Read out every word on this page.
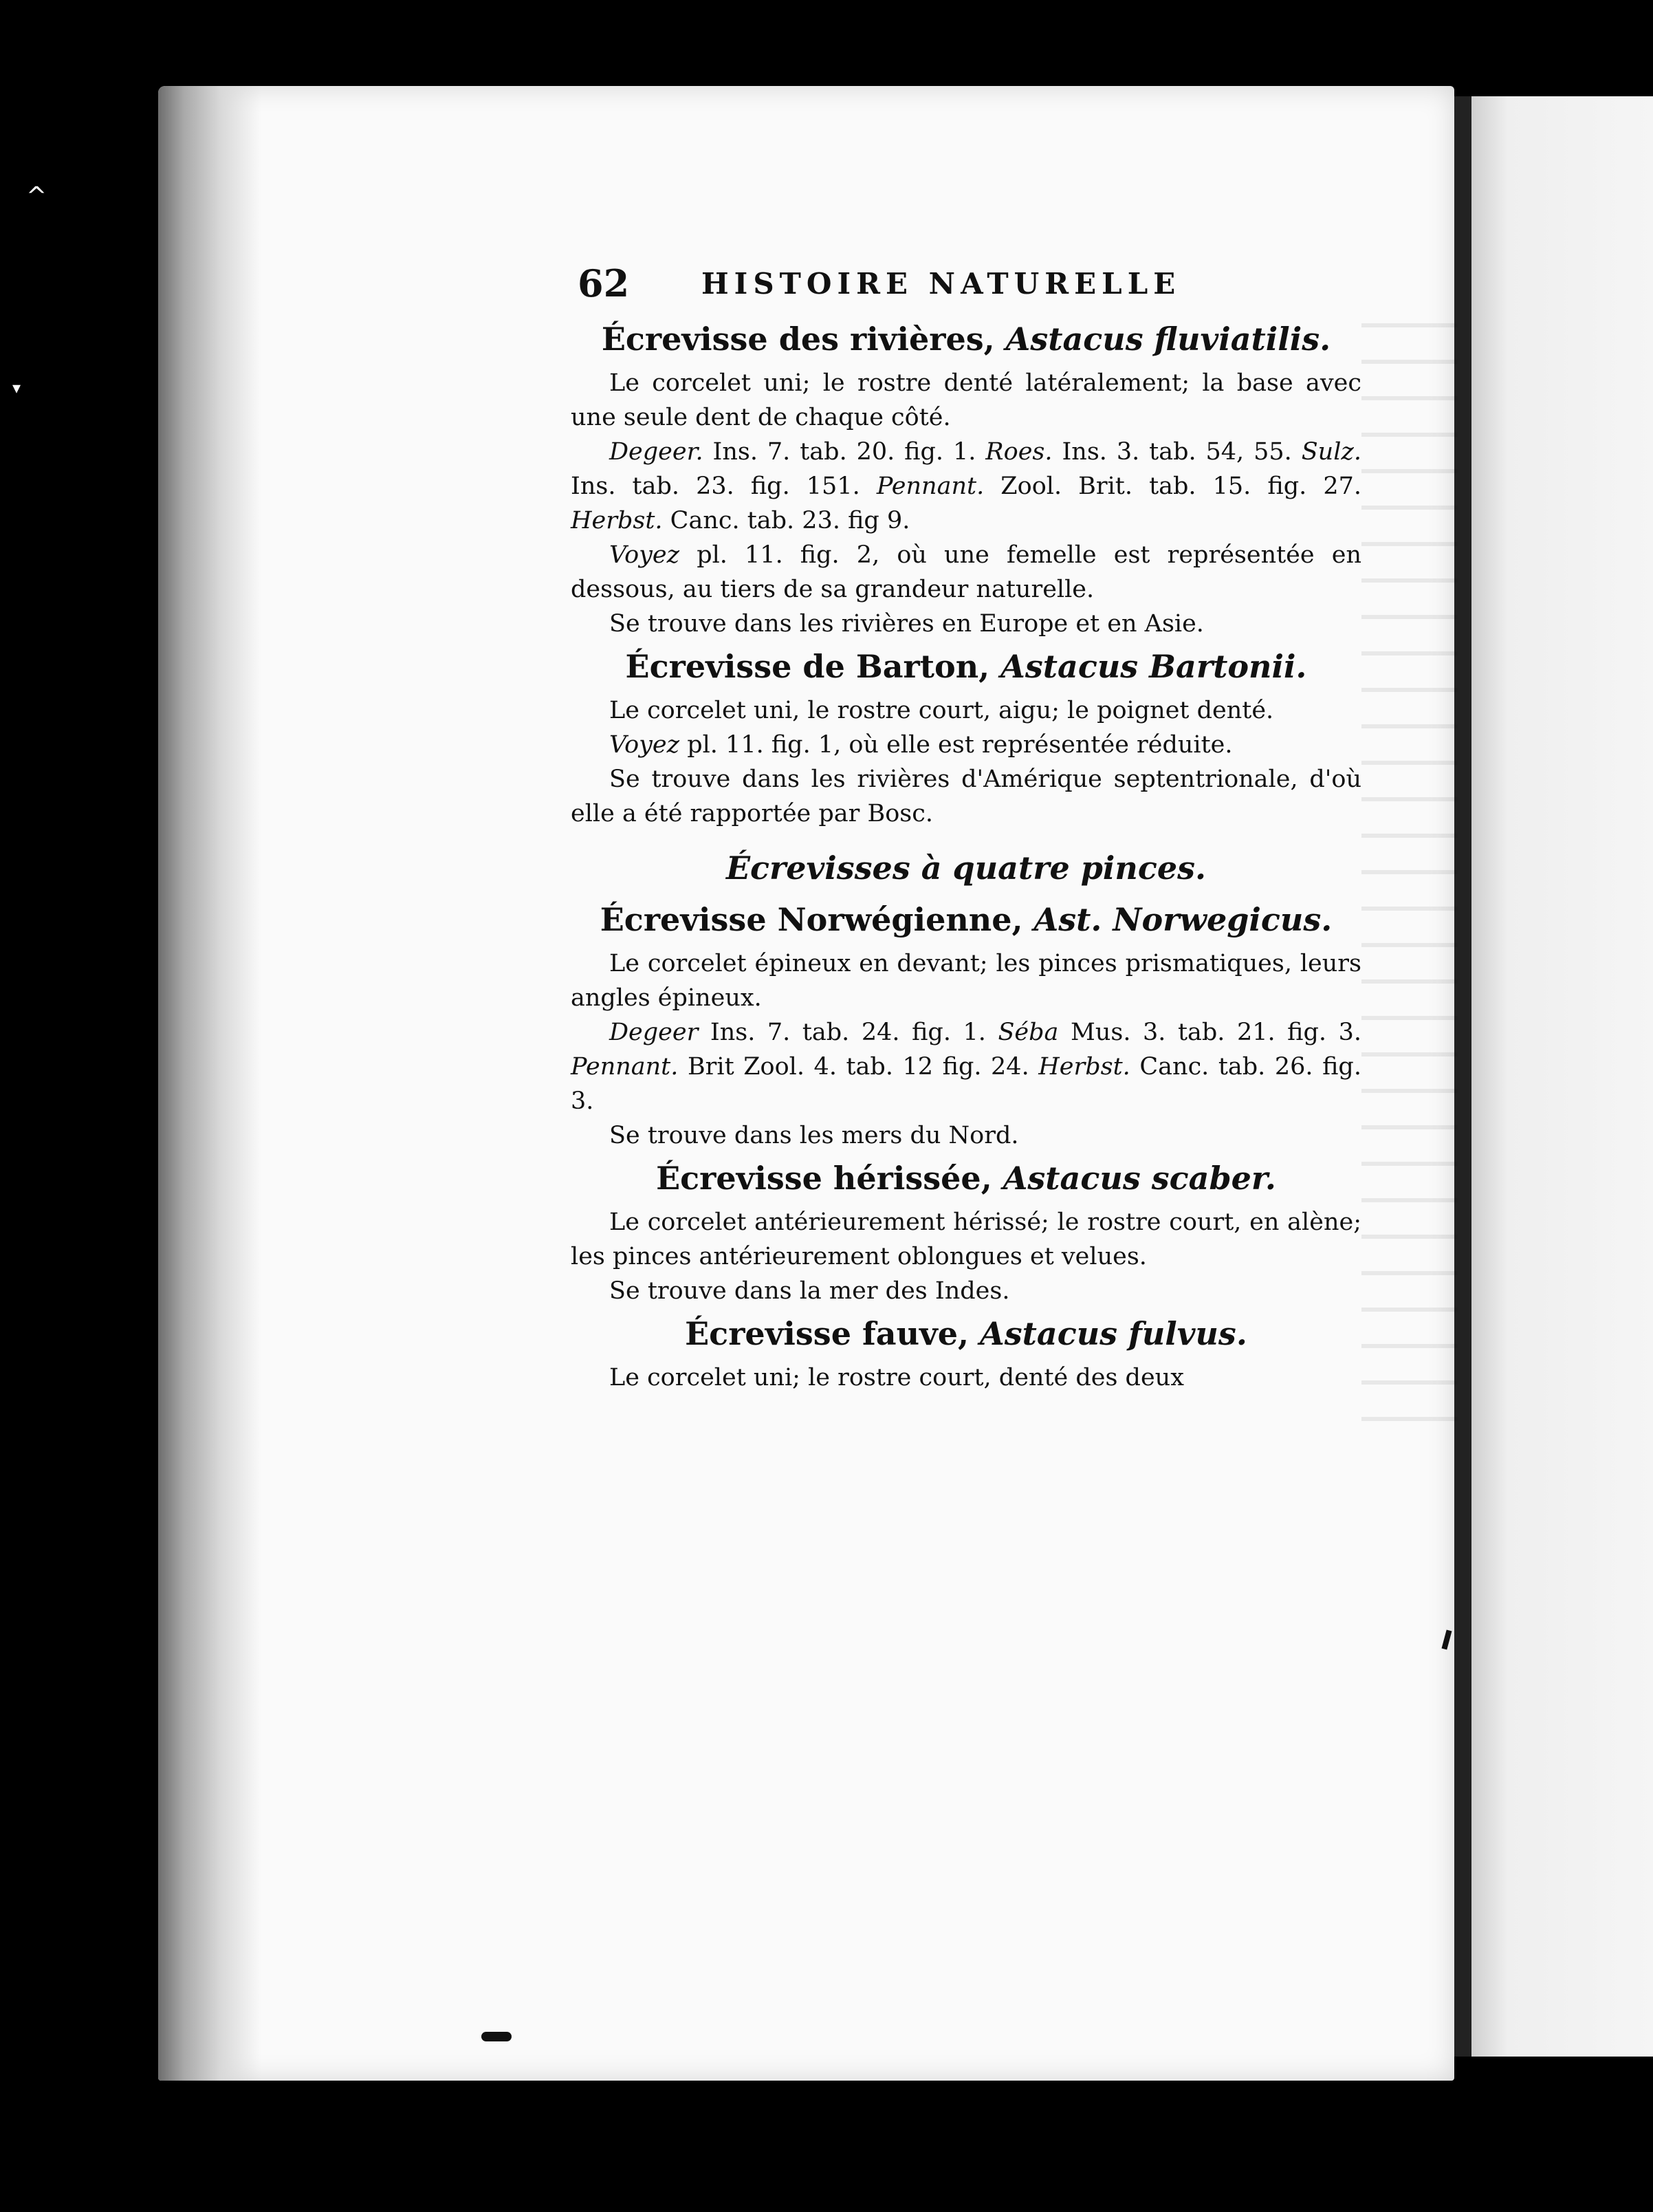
^
▾
62 HISTOIRE NATURELLE

Écrevisse des rivières, Astacus fluviatilis.

Le corcelet uni; le rostre denté latéralement; la base avec une seule dent de chaque côté.

Degeer. Ins. 7. tab. 20. fig. 1. Roes. Ins. 3. tab. 54, 55. Sulz. Ins. tab. 23. fig. 151. Pennant. Zool. Brit. tab. 15. fig. 27. Herbst. Canc. tab. 23. fig 9.

Voyez pl. 11. fig. 2, où une femelle est représentée en dessous, au tiers de sa grandeur naturelle.

Se trouve dans les rivières en Europe et en Asie.

Écrevisse de Barton, Astacus Bartonii.

Le corcelet uni, le rostre court, aigu; le poignet denté.

Voyez pl. 11. fig. 1, où elle est représentée réduite.

Se trouve dans les rivières d'Amérique septentrionale, d'où elle a été rapportée par Bosc.

Écrevisses à quatre pinces.

Écrevisse Norwégienne, Ast. Norwegicus.

Le corcelet épineux en devant; les pinces prismatiques, leurs angles épineux.

Degeer Ins. 7. tab. 24. fig. 1. Séba Mus. 3. tab. 21. fig. 3. Pennant. Brit Zool. 4. tab. 12 fig. 24. Herbst. Canc. tab. 26. fig. 3.

Se trouve dans les mers du Nord.

Écrevisse hérissée, Astacus scaber.

Le corcelet antérieurement hérissé; le rostre court, en alène; les pinces antérieurement oblongues et velues.

Se trouve dans la mer des Indes.

Écrevisse fauve, Astacus fulvus.

Le corcelet uni; le rostre court, denté des deux
